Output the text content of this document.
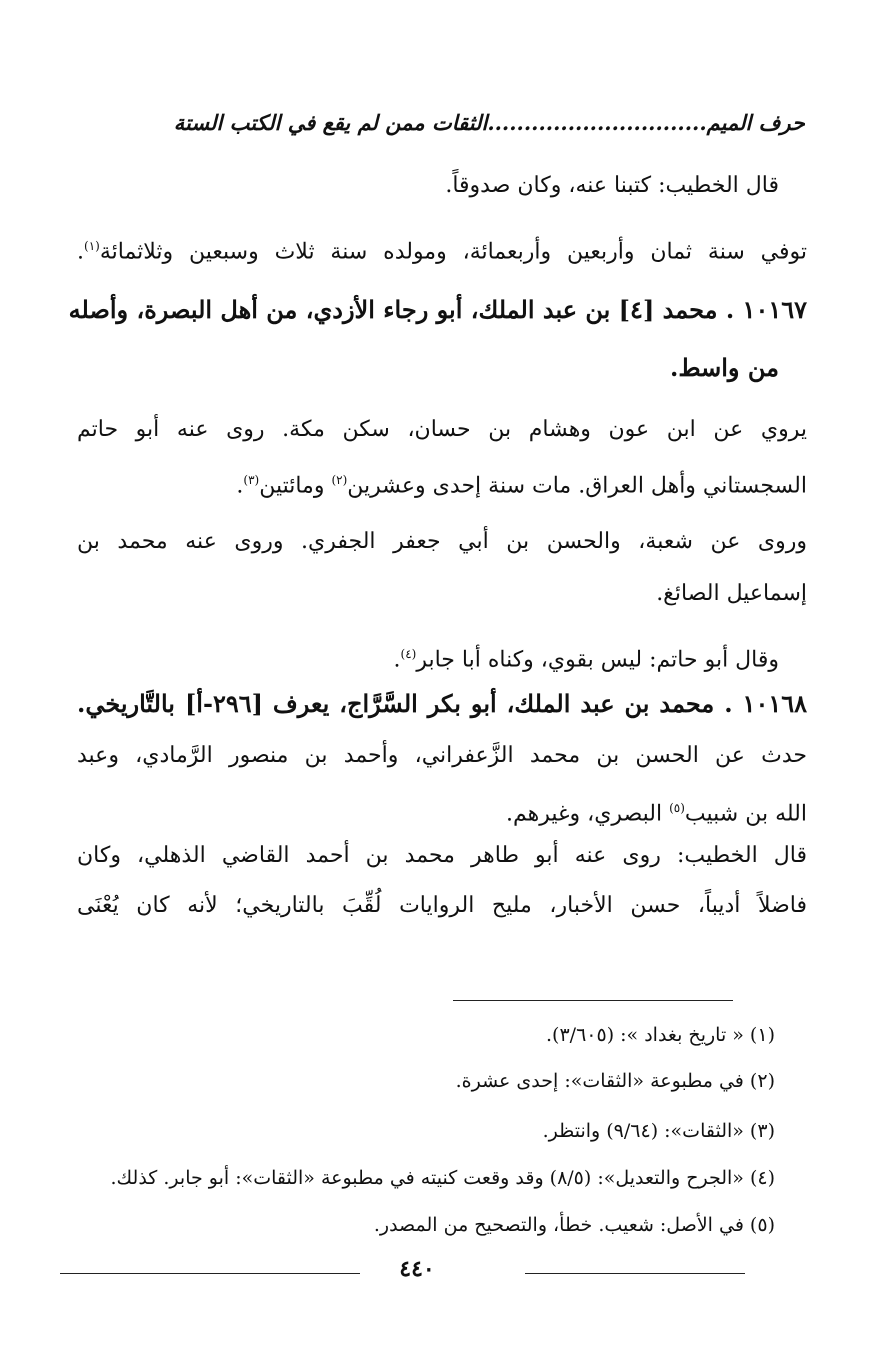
حرف الميم..............................الثقات ممن لم يقع في الكتب الستة
قال الخطيب: كتبنا عنه، وكان صدوقاً.
توفي سنة ثمان وأربعين وأربعمائة، ومولده سنة ثلاث وسبعين وثلاثمائة$^{(١)}$.
١٠١٦٧ . محمد [٤] بن عبد الملك، أبو رجاء الأزدي، من أهل البصرة، وأصله
من واسط.
يروي عن ابن عون وهشام بن حسان، سكن مكة. روى عنه أبو حاتم
السجستاني وأهل العراق. مات سنة إحدى وعشرين$^{(٢)}$ ومائتين$^{(٣)}$.
وروى عن شعبة، والحسن بن أبي جعفر الجفري. وروى عنه محمد بن
إسماعيل الصائغ.
وقال أبو حاتم: ليس بقوي، وكناه أبا جابر$^{(٤)}$.
١٠١٦٨ . محمد بن عبد الملك، أبو بكر السَّرَّاج، يعرف [٢٩٦-أ] بالتَّاريخي.
حدث عن الحسن بن محمد الزَّعفراني، وأحمد بن منصور الرَّمادي، وعبد
الله بن شبيب$^{(٥)}$ البصري، وغيرهم.
قال الخطيب: روى عنه أبو طاهر محمد بن أحمد القاضي الذهلي، وكان
فاضلاً أديباً، حسن الأخبار، مليح الروايات لُقِّبَ بالتاريخي؛ لأنه كان يُعْنَى
(١) « تاريخ بغداد »: (٣/٦٠٥).
(٢) في مطبوعة «الثقات»: إحدى عشرة.
(٣) «الثقات»: (٩/٦٤) وانتظر.
(٤) «الجرح والتعديل»: (٨/٥) وقد وقعت كنيته في مطبوعة «الثقات»: أبو جابر. كذلك.
(٥) في الأصل: شعيب. خطأ، والتصحيح من المصدر.
٤٤٠
